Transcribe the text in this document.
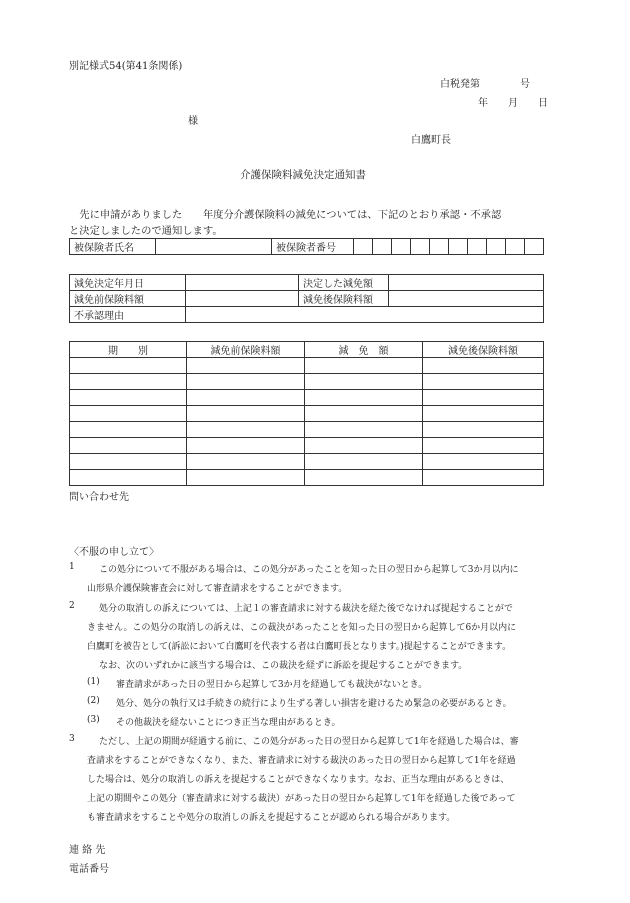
別記様式54(第41条関係)
白税発第　　　　号
年　　月　　日
様
白鷹町長
介護保険料減免決定通知書
　先に申請がありました　　年度分介護保険料の減免については、下記のとおり承認・不承認
と決定しましたので通知します。
被保険者氏名		被保険者番号										
減免決定年月日		決定した減免額	
減免前保険料額		減免後保険料額	
不承認理由			
期　　別	減免前保険料額	減　免　額	減免後保険料額

問い合わせ先
〈不服の申し立て〉
1	この処分について不服がある場合は、この処分があったことを知った日の翌日から起算して3か月以内に
山形県介護保険審査会に対して審査請求をすることができます。
2	処分の取消しの訴えについては、上記１の審査請求に対する裁決を経た後でなければ提起することがで
きません。この処分の取消しの訴えは、この裁決があったことを知った日の翌日から起算して6か月以内に
白鷹町を被告として(訴訟において白鷹町を代表する者は白鷹町長となります。)提起することができます。
なお、次のいずれかに該当する場合は、この裁決を経ずに訴訟を提起することができます。
(1) 審査請求があった日の翌日から起算して3か月を経過しても裁決がないとき。
(2) 処分、処分の執行又は手続きの続行により生ずる著しい損害を避けるため緊急の必要があるとき。
(3) その他裁決を経ないことにつき正当な理由があるとき。
3	ただし、上記の期間が経過する前に、この処分があった日の翌日から起算して1年を経過した場合は、審
査請求をすることができなくなり、また、審査請求に対する裁決のあった日の翌日から起算して1年を経過
した場合は、処分の取消しの訴えを提起することができなくなります。なお、正当な理由があるときは、
上記の期間やこの処分（審査請求に対する裁決）があった日の翌日から起算して1年を経過した後であって
も審査請求をすることや処分の取消しの訴えを提起することが認められる場合があります。
連 絡 先
電話番号
